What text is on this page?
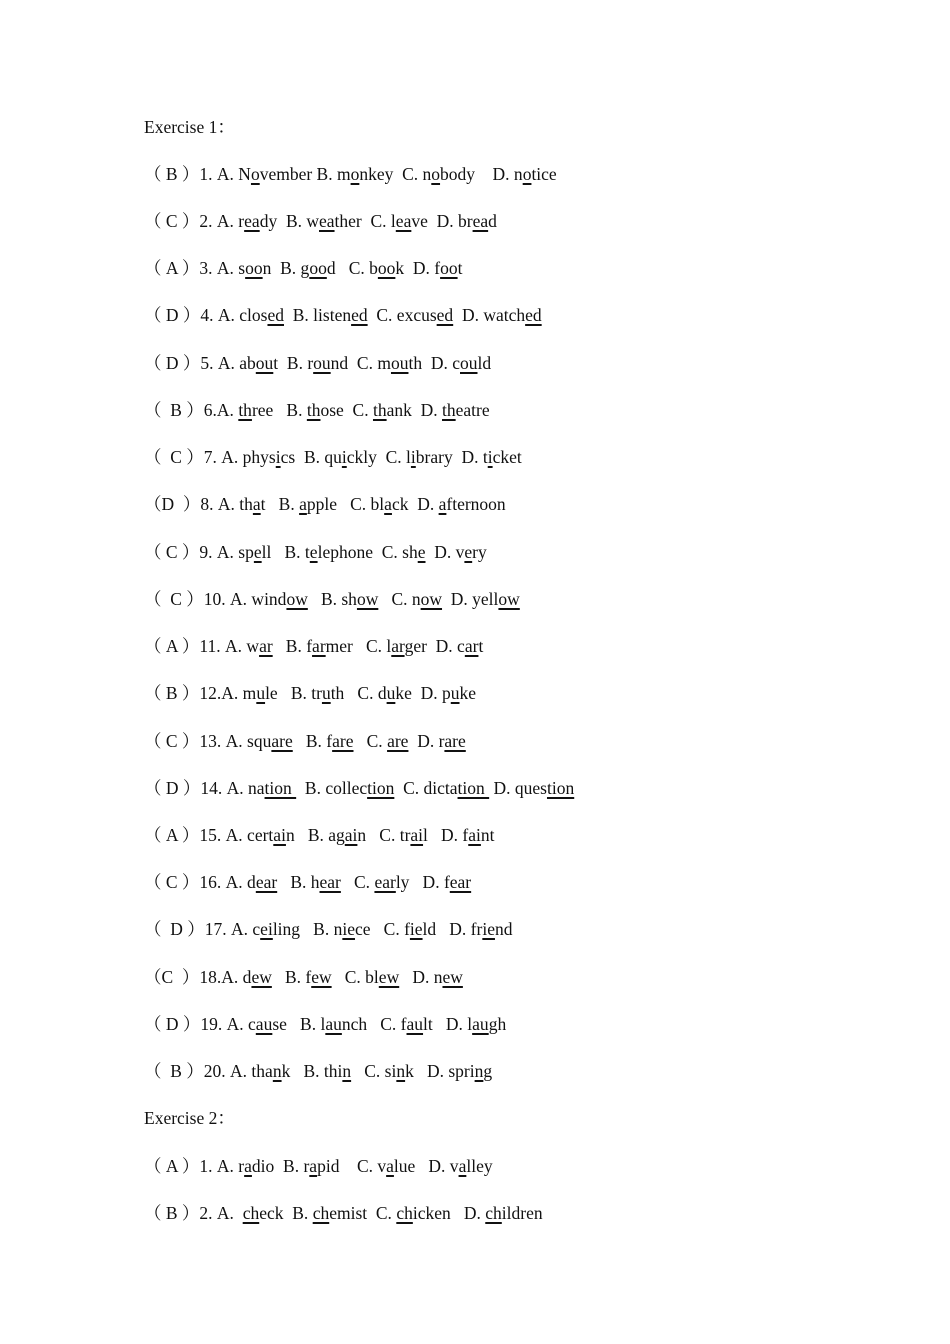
Exercise 1：
（ B ）1. A. November B. monkey  C. nobody    D. notice
（ C ）2. A. ready  B. weather  C. leave  D. bread
（ A ）3. A. soon  B. good   C. book  D. foot
（ D ）4. A. closed  B. listened  C. excused  D. watched
（ D ）5. A. about  B. round  C. mouth  D. could
（  B ）6.A. three   B. those  C. thank  D. theatre
（  C ）7. A. physics  B. quickly  C. library  D. ticket
（D  ）8. A. that   B. apple   C. black  D. afternoon
（ C ）9. A. spell   B. telephone  C. she  D. very
（  C ）10. A. window   B. show   C. now  D. yellow
（ A ）11. A. war   B. farmer   C. larger  D. cart
（ B ）12.A. mule   B. truth   C. duke  D. puke
（ C ）13. A. square   B. fare   C. are  D. rare
（ D ）14. A. nation   B. collection  C. dictation  D. question
（ A ）15. A. certain   B. again   C. trail   D. faint
（ C ）16. A. dear   B. hear   C. early   D. fear
（  D ）17. A. ceiling   B. niece   C. field   D. friend
（C  ）18.A. dew   B. few   C. blew   D. new
（ D ）19. A. cause   B. launch   C. fault   D. laugh
（  B ）20. A. thank   B. thin   C. sink   D. spring
Exercise 2：
（ A ）1. A. radio  B. rapid    C. value   D. valley
（ B ）2. A.  check  B. chemist  C. chicken   D. children
